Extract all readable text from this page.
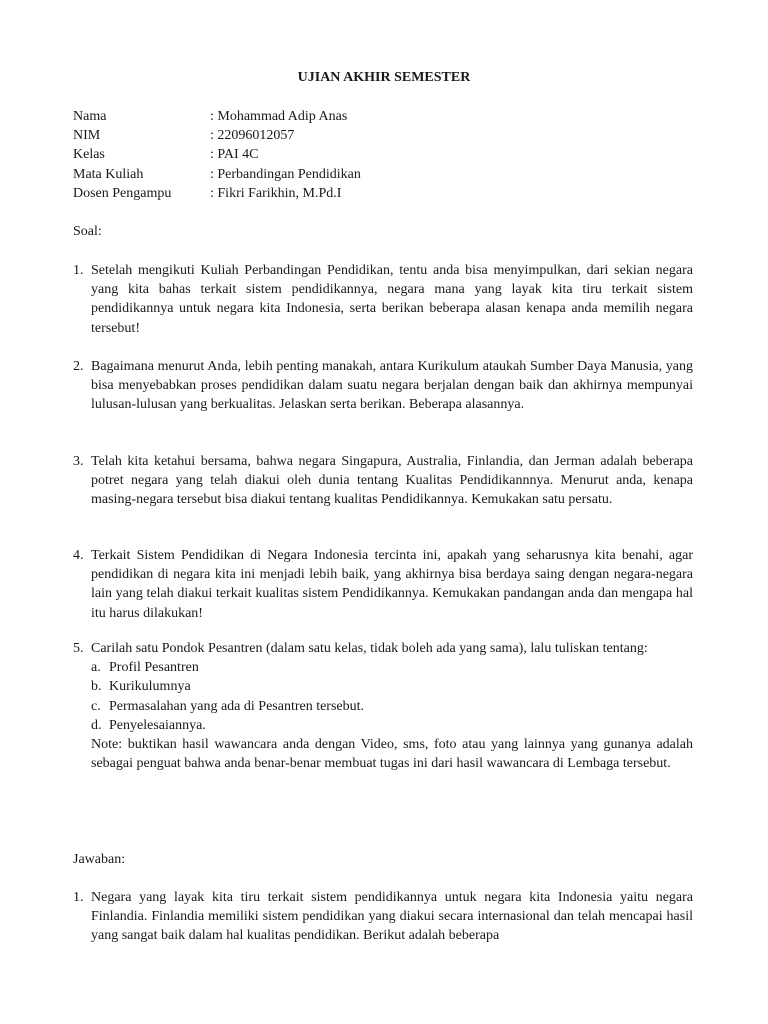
UJIAN AKHIR SEMESTER
Nama	: Mohammad Adip Anas
NIM	: 22096012057
Kelas	: PAI 4C
Mata Kuliah	: Perbandingan Pendidikan
Dosen Pengampu	: Fikri Farikhin, M.Pd.I
Soal:
1. Setelah mengikuti Kuliah Perbandingan Pendidikan, tentu anda bisa menyimpulkan, dari sekian negara yang kita bahas terkait sistem pendidikannya, negara mana yang layak kita tiru terkait sistem pendidikannya untuk negara kita Indonesia, serta berikan beberapa alasan kenapa anda memilih negara tersebut!
2. Bagaimana menurut Anda, lebih penting manakah, antara Kurikulum ataukah Sumber Daya Manusia, yang bisa menyebabkan proses pendidikan dalam suatu negara berjalan dengan baik dan akhirnya mempunyai lulusan-lulusan yang berkualitas. Jelaskan serta berikan. Beberapa alasannya.
3. Telah kita ketahui bersama, bahwa negara Singapura, Australia, Finlandia, dan Jerman adalah beberapa potret negara yang telah diakui oleh dunia tentang Kualitas Pendidikannnya. Menurut anda, kenapa masing-negara tersebut bisa diakui tentang kualitas Pendidikannya. Kemukakan satu persatu.
4. Terkait Sistem Pendidikan di Negara Indonesia tercinta ini, apakah yang seharusnya kita benahi, agar pendidikan di negara kita ini menjadi lebih baik, yang akhirnya bisa berdaya saing dengan negara-negara lain yang telah diakui terkait kualitas sistem Pendidikannya. Kemukakan pandangan anda dan mengapa hal itu harus dilakukan!
5. Carilah satu Pondok Pesantren (dalam satu kelas, tidak boleh ada yang sama), lalu tuliskan tentang:
a. Profil Pesantren
b. Kurikulumnya
c. Permasalahan yang ada di Pesantren tersebut.
d. Penyelesaiannya.
Note: buktikan hasil wawancara anda dengan Video, sms, foto atau yang lainnya yang gunanya adalah sebagai penguat bahwa anda benar-benar membuat tugas ini dari hasil wawancara di Lembaga tersebut.
Jawaban:
1. Negara yang layak kita tiru terkait sistem pendidikannya untuk negara kita Indonesia yaitu negara Finlandia. Finlandia memiliki sistem pendidikan yang diakui secara internasional dan telah mencapai hasil yang sangat baik dalam hal kualitas pendidikan. Berikut adalah beberapa
